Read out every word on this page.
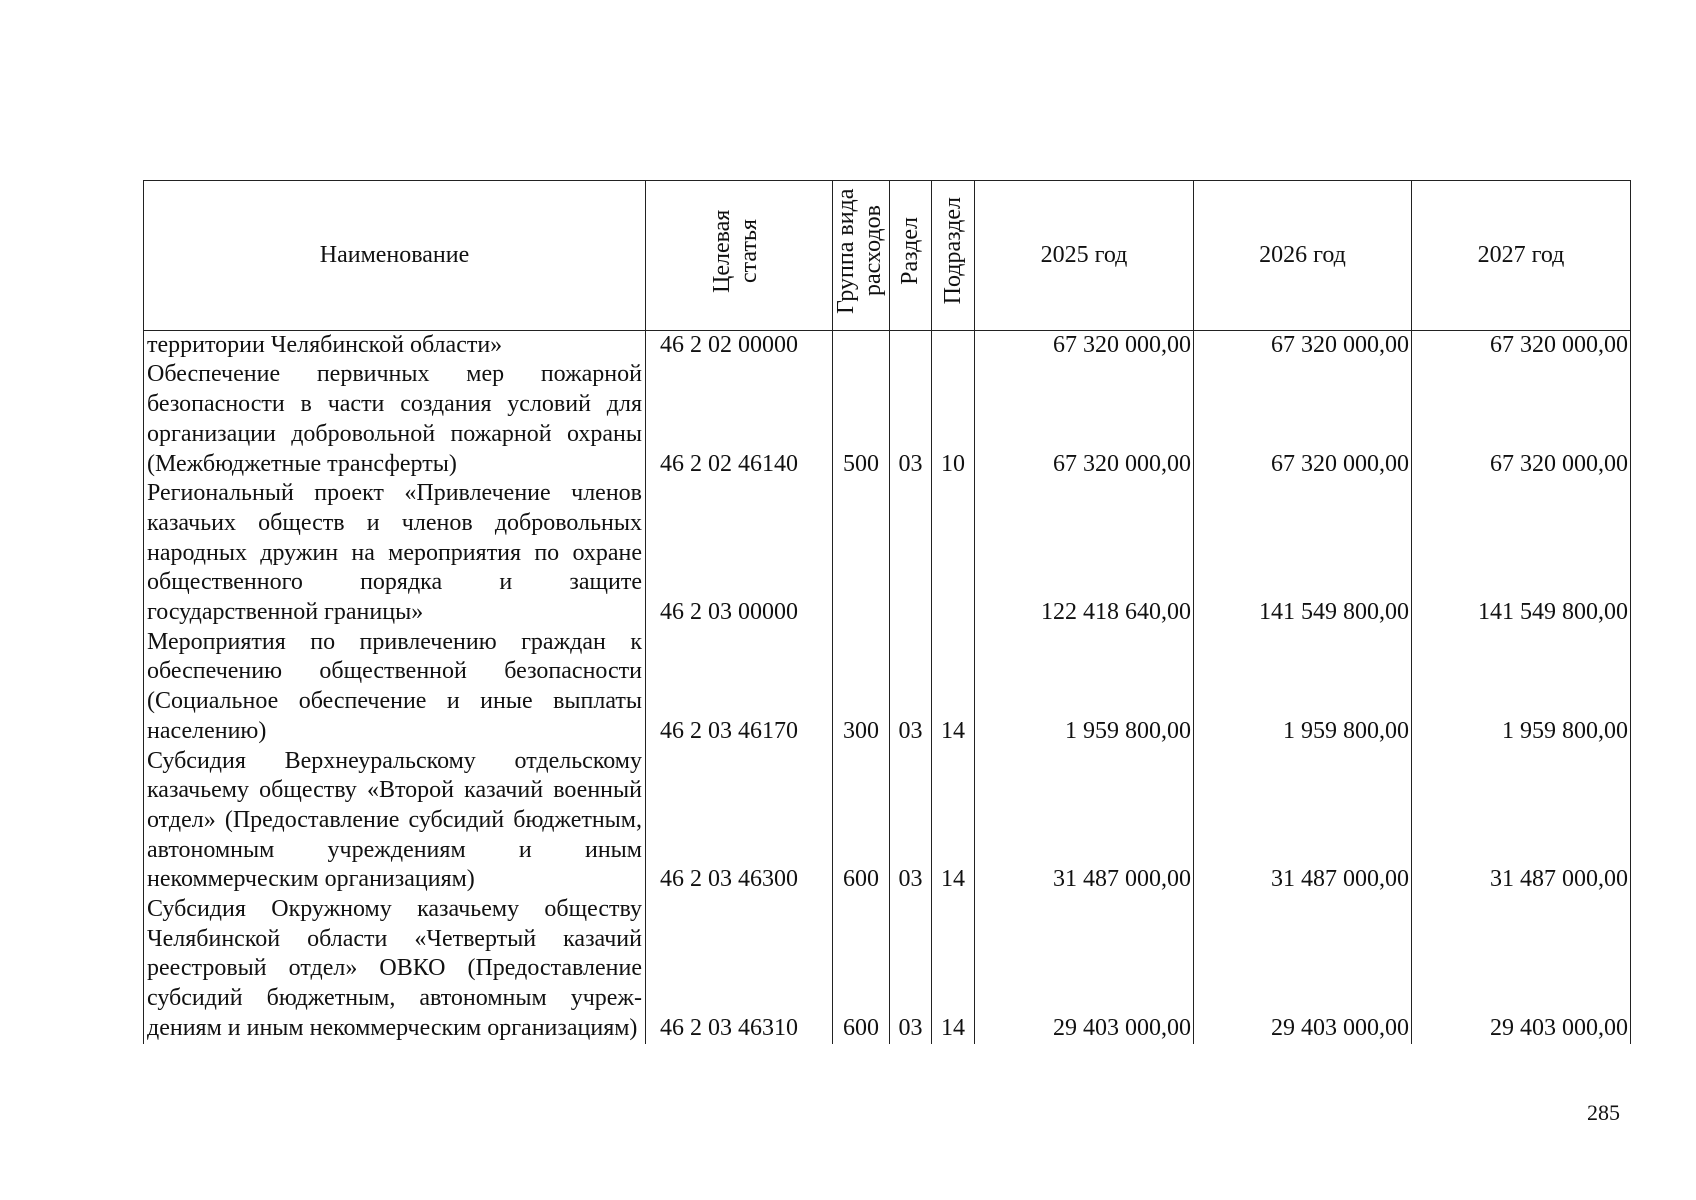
Наименование	Целевая статья	Группа вида расходов	Раздел	Подраздел	2025 год	2026 год	2027 год
территории Челябинской области»	46 2 02 00000				67 320 000,00	67 320 000,00	67 320 000,00
Обеспечение первичных мер пожарной безопасности в части создания условий для организации добровольной пожарной охраны (Межбюджетные трансферты)	46 2 02 46140	500	03	10	67 320 000,00	67 320 000,00	67 320 000,00
Региональный проект «Привлечение членов казачьих обществ и членов добровольных народных дружин на мероприятия по охране общественного порядка и защите государственной границы»	46 2 03 00000				122 418 640,00	141 549 800,00	141 549 800,00
Мероприятия по привлечению граждан к обеспечению общественной безопасности (Социальное обеспечение и иные выплаты населению)	46 2 03 46170	300	03	14	1 959 800,00	1 959 800,00	1 959 800,00
Субсидия Верхнеуральскому отдельскому казачьему обществу «Второй казачий военный отдел» (Предоставление субсидий бюджетным, автономным учреждениям и иным некоммерческим организациям)	46 2 03 46300	600	03	14	31 487 000,00	31 487 000,00	31 487 000,00
Субсидия Окружному казачьему обществу Челябинской области «Четвертый казачий реестровый отдел» ОВКО (Предоставление субсидий бюджетным, автономным учреждениям и иным некоммерческим организациям)	46 2 03 46310	600	03	14	29 403 000,00	29 403 000,00	29 403 000,00
285
